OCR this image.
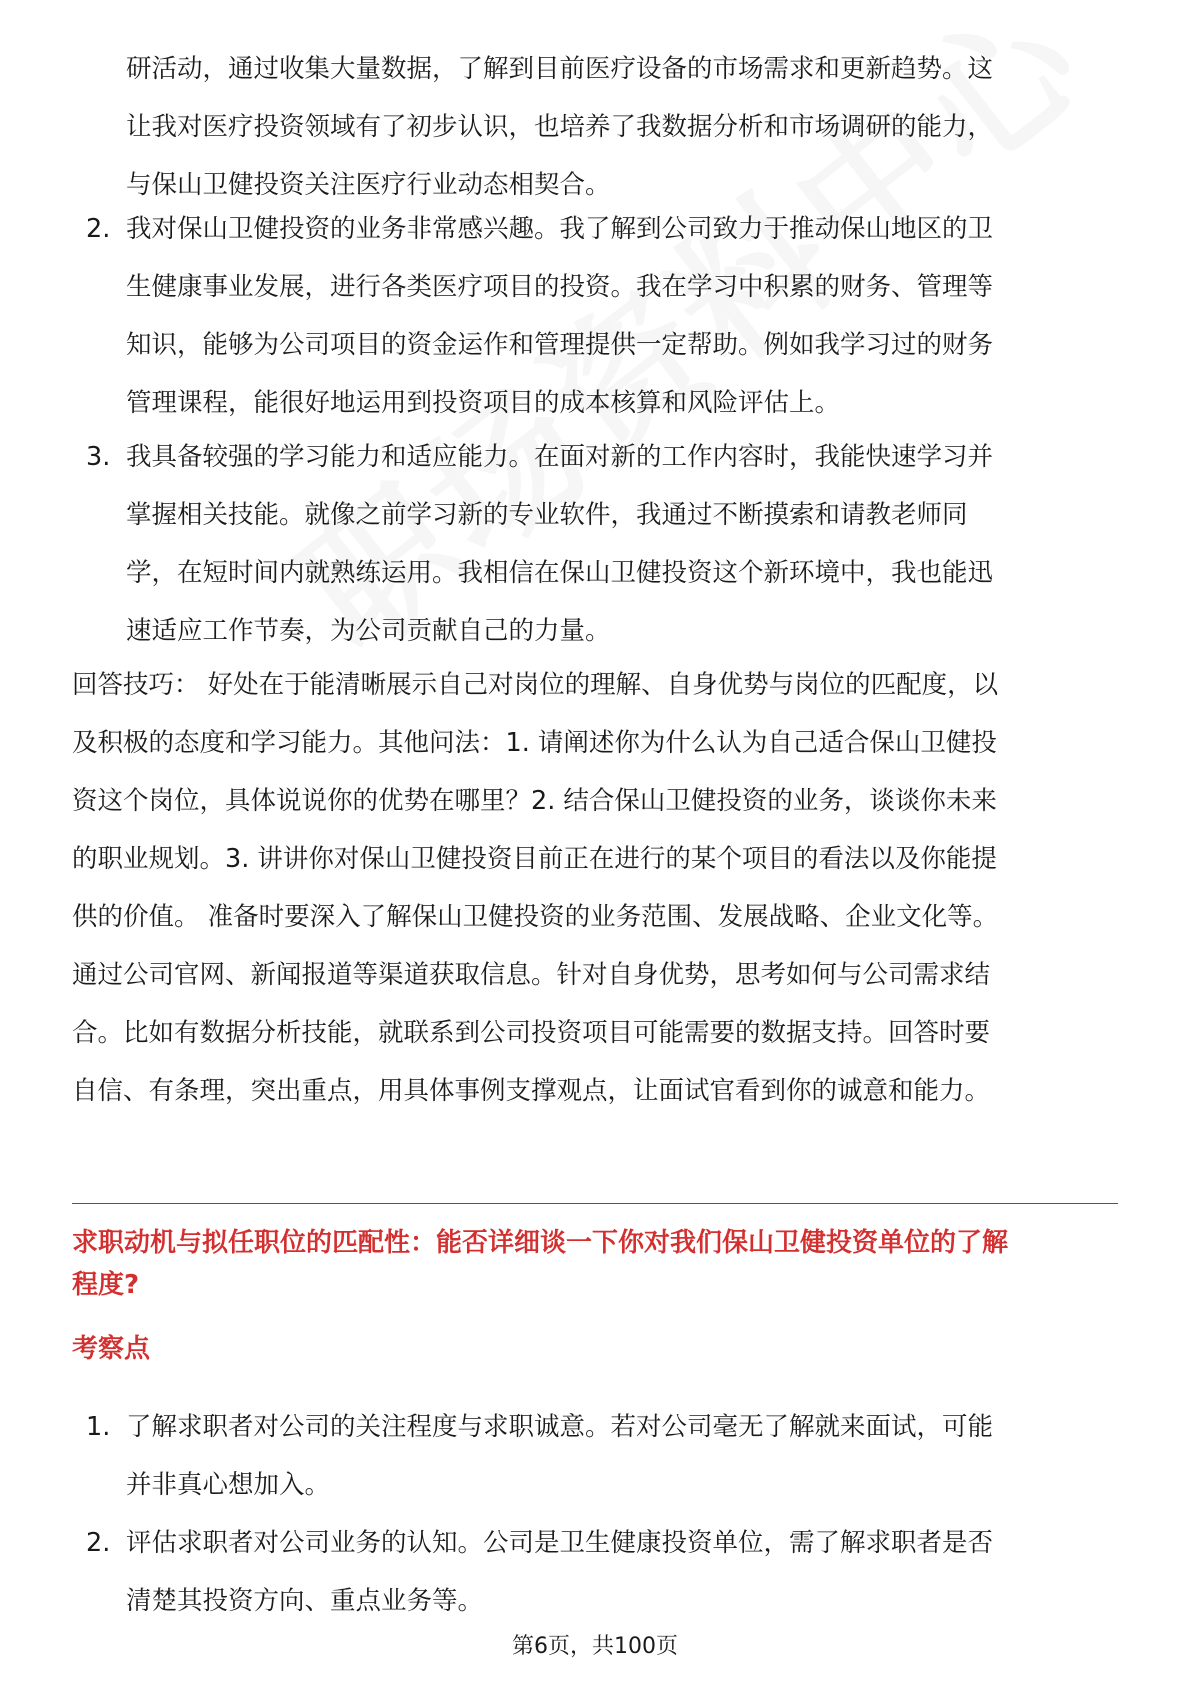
研活动，通过收集大量数据，了解到目前医疗设备的市场需求和更新趋势。这
让我对医疗投资领域有了初步认识，也培养了我数据分析和市场调研的能力，
与保山卫健投资关注医疗行业动态相契合。
2. 我对保山卫健投资的业务非常感兴趣。我了解到公司致力于推动保山地区的卫
生健康事业发展，进行各类医疗项目的投资。我在学习中积累的财务、管理等
知识，能够为公司项目的资金运作和管理提供一定帮助。例如我学习过的财务
管理课程，能很好地运用到投资项目的成本核算和风险评估上。
3. 我具备较强的学习能力和适应能力。在面对新的工作内容时，我能快速学习并
掌握相关技能。就像之前学习新的专业软件，我通过不断摸索和请教老师同
学，在短时间内就熟练运用。我相信在保山卫健投资这个新环境中，我也能迅
速适应工作节奏，为公司贡献自己的力量。
回答技巧： 好处在于能清晰展示自己对岗位的理解、自身优势与岗位的匹配度，以
及积极的态度和学习能力。其他问法：1. 请阐述你为什么认为自己适合保山卫健投
资这个岗位，具体说说你的优势在哪里？2. 结合保山卫健投资的业务，谈谈你未来
的职业规划。3. 讲讲你对保山卫健投资目前正在进行的某个项目的看法以及你能提
供的价值。 准备时要深入了解保山卫健投资的业务范围、发展战略、企业文化等。
通过公司官网、新闻报道等渠道获取信息。针对自身优势，思考如何与公司需求结
合。比如有数据分析技能，就联系到公司投资项目可能需要的数据支持。回答时要
自信、有条理，突出重点，用具体事例支撑观点，让面试官看到你的诚意和能力。
求职动机与拟任职位的匹配性：能否详细谈一下你对我们保山卫健投资单位的了解
程度?
考察点
1. 了解求职者对公司的关注程度与求职诚意。若对公司毫无了解就来面试，可能
并非真心想加入。
2. 评估求职者对公司业务的认知。公司是卫生健康投资单位，需了解求职者是否
清楚其投资方向、重点业务等。
第6页，共100页
